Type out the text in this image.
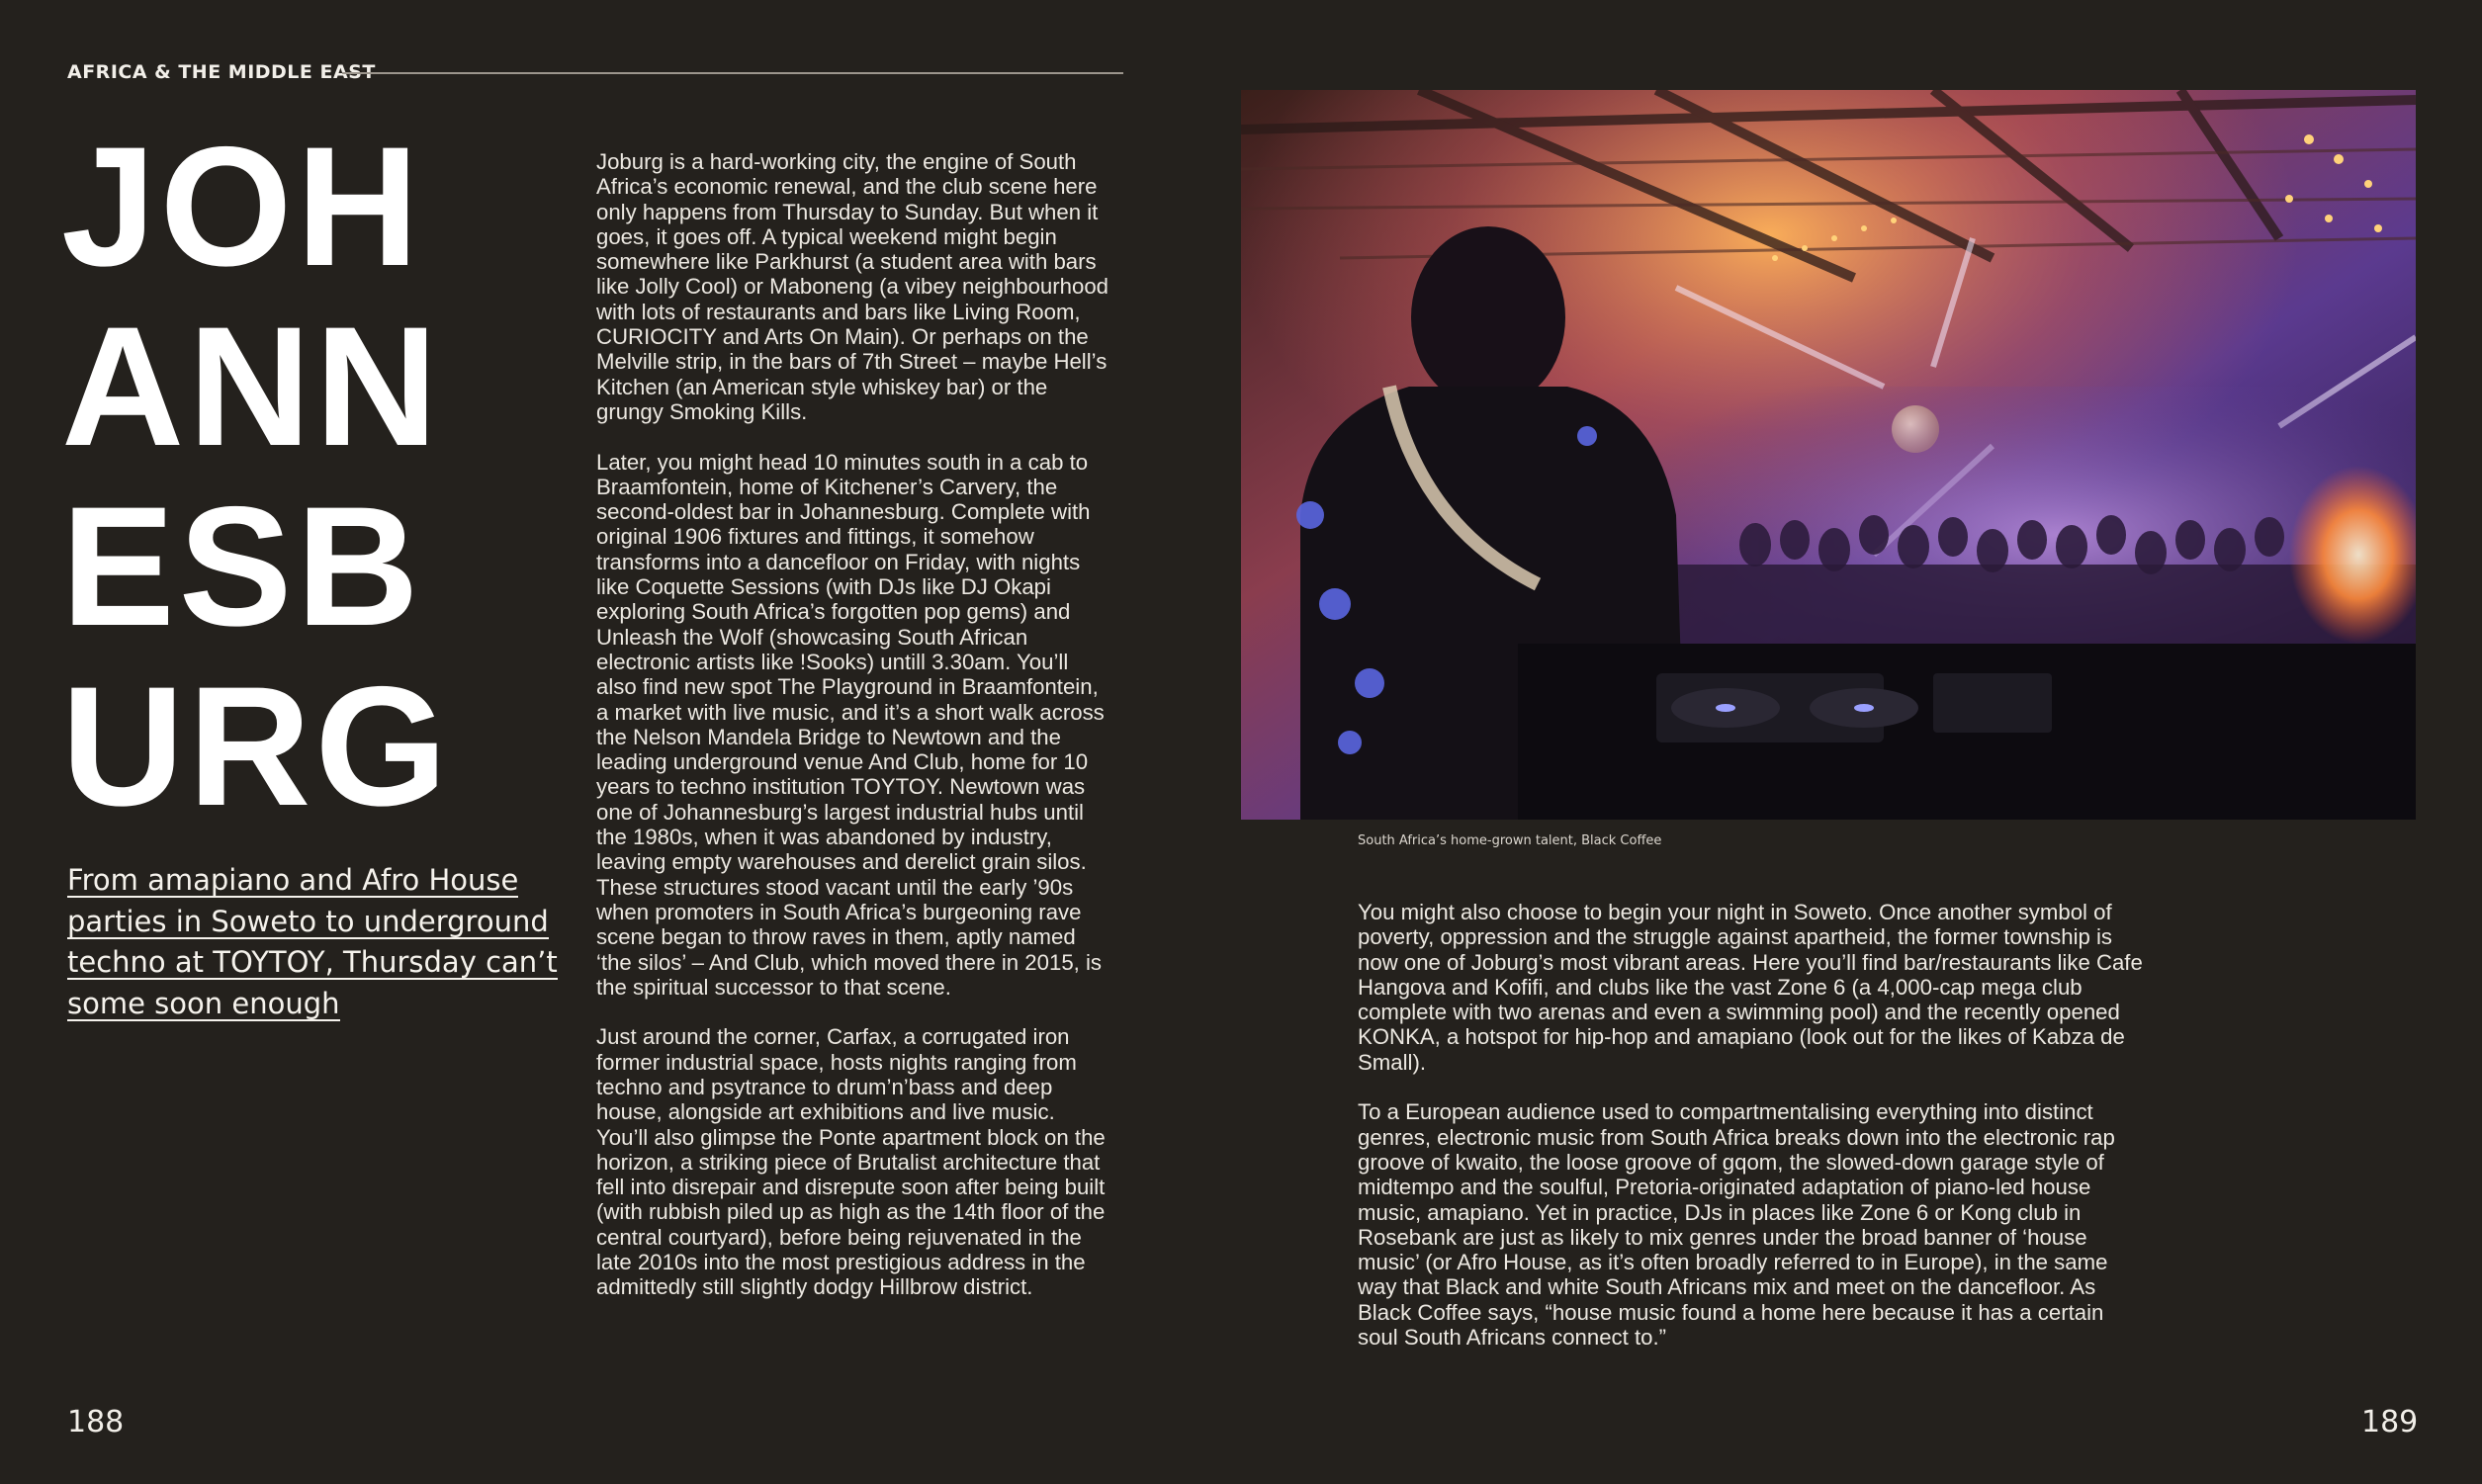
AFRICA & THE MIDDLE EAST
JOH
ANN
ESB
URG
From amapiano and Afro House
parties in Soweto to underground
techno at TOYTOY, Thursday can’t
some soon enough

Joburg is a hard-working city, the engine of South Africa’s economic renewal, and the club scene here only happens from Thursday to Sunday. But when it goes, it goes off. A typical weekend might begin somewhere like Parkhurst (a student area with bars like Jolly Cool) or Maboneng (a vibey neighbourhood with lots of restaurants and bars like Living Room, CURIOCITY and Arts On Main). Or perhaps on the Melville strip, in the bars of 7th Street – maybe Hell’s Kitchen (an American style whiskey bar) or the grungy Smoking Kills.

Later, you might head 10 minutes south in a cab to Braamfontein, home of Kitchener’s Carvery, the second-oldest bar in Johannesburg. Complete with original 1906 fixtures and fittings, it somehow transforms into a dancefloor on Friday, with nights like Coquette Sessions (with DJs like DJ Okapi exploring South Africa’s forgotten pop gems) and Unleash the Wolf (showcasing South African electronic artists like !Sooks) untill 3.30am. You’ll also find new spot The Playground in Braamfontein, a market with live music, and it’s a short walk across the Nelson Mandela Bridge to Newtown and the leading underground venue And Club, home for 10 years to techno institution TOYTOY. Newtown was one of Johannesburg’s largest industrial hubs until the 1980s, when it was abandoned by industry, leaving empty warehouses and derelict grain silos. These structures stood vacant until the early ’90s when promoters in South Africa’s burgeoning rave scene began to throw raves in them, aptly named ‘the silos’ – And Club, which moved there in 2015, is the spiritual successor to that scene.

Just around the corner, Carfax, a corrugated iron former industrial space, hosts nights ranging from techno and psytrance to drum’n’bass and deep house, alongside art exhibitions and live music. You’ll also glimpse the Ponte apartment block on the horizon, a striking piece of Brutalist architecture that fell into disrepair and disrepute soon after being built (with rubbish piled up as high as the 14th floor of the central courtyard), before being rejuvenated in the late 2010s into the most prestigious address in the admittedly still slightly dodgy Hillbrow district.

South Africa’s home-grown talent, Black Coffee

You might also choose to begin your night in Soweto. Once another symbol of poverty, oppression and the struggle against apartheid, the former township is now one of Joburg’s most vibrant areas. Here you’ll find bar/restaurants like Cafe Hangova and Kofifi, and clubs like the vast Zone 6 (a 4,000-cap mega club complete with two arenas and even a swimming pool) and the recently opened KONKA, a hotspot for hip-hop and amapiano (look out for the likes of Kabza de Small).

To a European audience used to compartmentalising everything into distinct genres, electronic music from South Africa breaks down into the electronic rap groove of kwaito, the loose groove of gqom, the slowed-down garage style of midtempo and the soulful, Pretoria-originated adaptation of piano-led house music, amapiano. Yet in practice, DJs in places like Zone 6 or Kong club in Rosebank are just as likely to mix genres under the broad banner of ‘house music’ (or Afro House, as it’s often broadly referred to in Europe), in the same way that Black and white South Africans mix and meet on the dancefloor. As Black Coffee says, “house music found a home here because it has a certain soul South Africans connect to.”

188	189
